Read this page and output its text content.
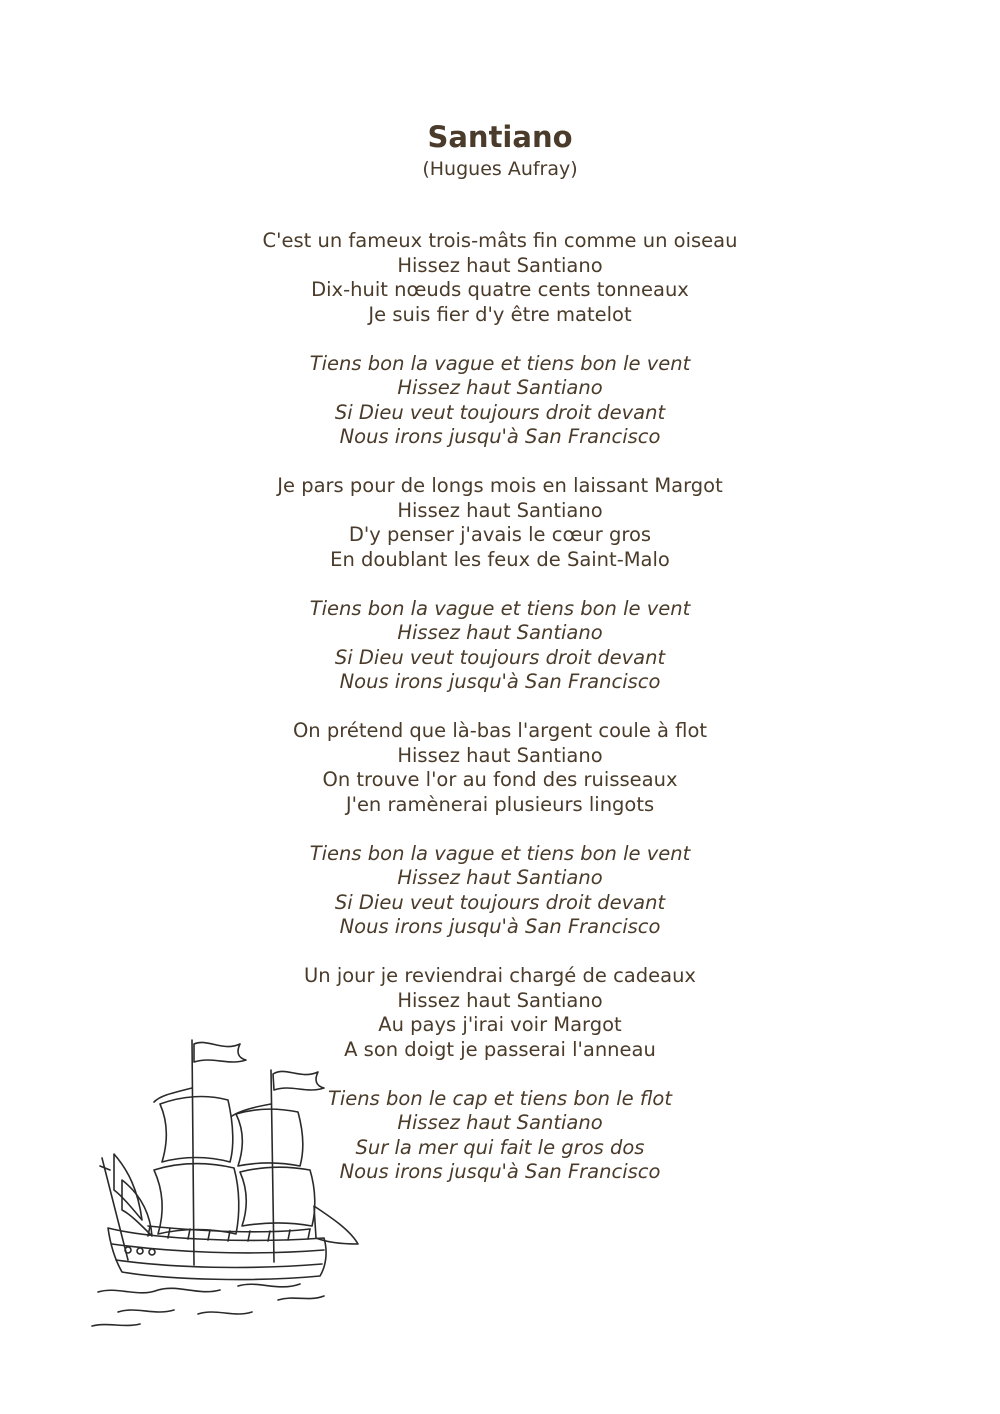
Santiano
(Hugues Aufray)
C'est un fameux trois-mâts fin comme un oiseau
Hissez haut Santiano
Dix-huit nœuds quatre cents tonneaux
Je suis fier d'y être matelot
Tiens bon la vague et tiens bon le vent
Hissez haut Santiano
Si Dieu veut toujours droit devant
Nous irons jusqu'à San Francisco
Je pars pour de longs mois en laissant Margot
Hissez haut Santiano
D'y penser j'avais le cœur gros
En doublant les feux de Saint-Malo
Tiens bon la vague et tiens bon le vent
Hissez haut Santiano
Si Dieu veut toujours droit devant
Nous irons jusqu'à San Francisco
On prétend que là-bas l'argent coule à flot
Hissez haut Santiano
On trouve l'or au fond des ruisseaux
J'en ramènerai plusieurs lingots
Tiens bon la vague et tiens bon le vent
Hissez haut Santiano
Si Dieu veut toujours droit devant
Nous irons jusqu'à San Francisco
Un jour je reviendrai chargé de cadeaux
Hissez haut Santiano
Au pays j'irai voir Margot
A son doigt je passerai l'anneau
Tiens bon le cap et tiens bon le flot
Hissez haut Santiano
Sur la mer qui fait le gros dos
Nous irons jusqu'à San Francisco
